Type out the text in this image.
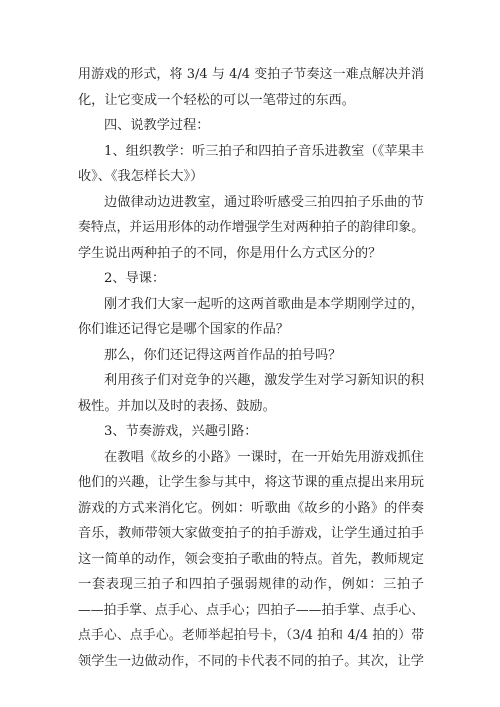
用游戏的形式，将 3/4 与 4/4 变拍子节奏这一难点解决并消
化，让它变成一个轻松的可以一笔带过的东西。
四、说教学过程：
1、组织教学：听三拍子和四拍子音乐进教室（《苹果丰
收》、《我怎样长大》）
边做律动边进教室，通过聆听感受三拍四拍子乐曲的节
奏特点，并运用形体的动作增强学生对两种拍子的韵律印象。
学生说出两种拍子的不同，你是用什么方式区分的？
2、导课：
刚才我们大家一起听的这两首歌曲是本学期刚学过的，
你们谁还记得它是哪个国家的作品？
那么，你们还记得这两首作品的拍号吗？
利用孩子们对竞争的兴趣，激发学生对学习新知识的积
极性。并加以及时的表扬、鼓励。
3、节奏游戏，兴趣引路：
在教唱《故乡的小路》一课时，在一开始先用游戏抓住
他们的兴趣，让学生参与其中，将这节课的重点提出来用玩
游戏的方式来消化它。例如：听歌曲《故乡的小路》的伴奏
音乐，教师带领大家做变拍子的拍手游戏，让学生通过拍手
这一简单的动作，领会变拍子歌曲的特点。首先，教师规定
一套表现三拍子和四拍子强弱规律的动作，例如：三拍子
——拍手掌、点手心、点手心；四拍子——拍手掌、点手心、
点手心、点手心。老师举起拍号卡，（3/4 拍和 4/4 拍的）带
领学生一边做动作，不同的卡代表不同的拍子。其次，让学
